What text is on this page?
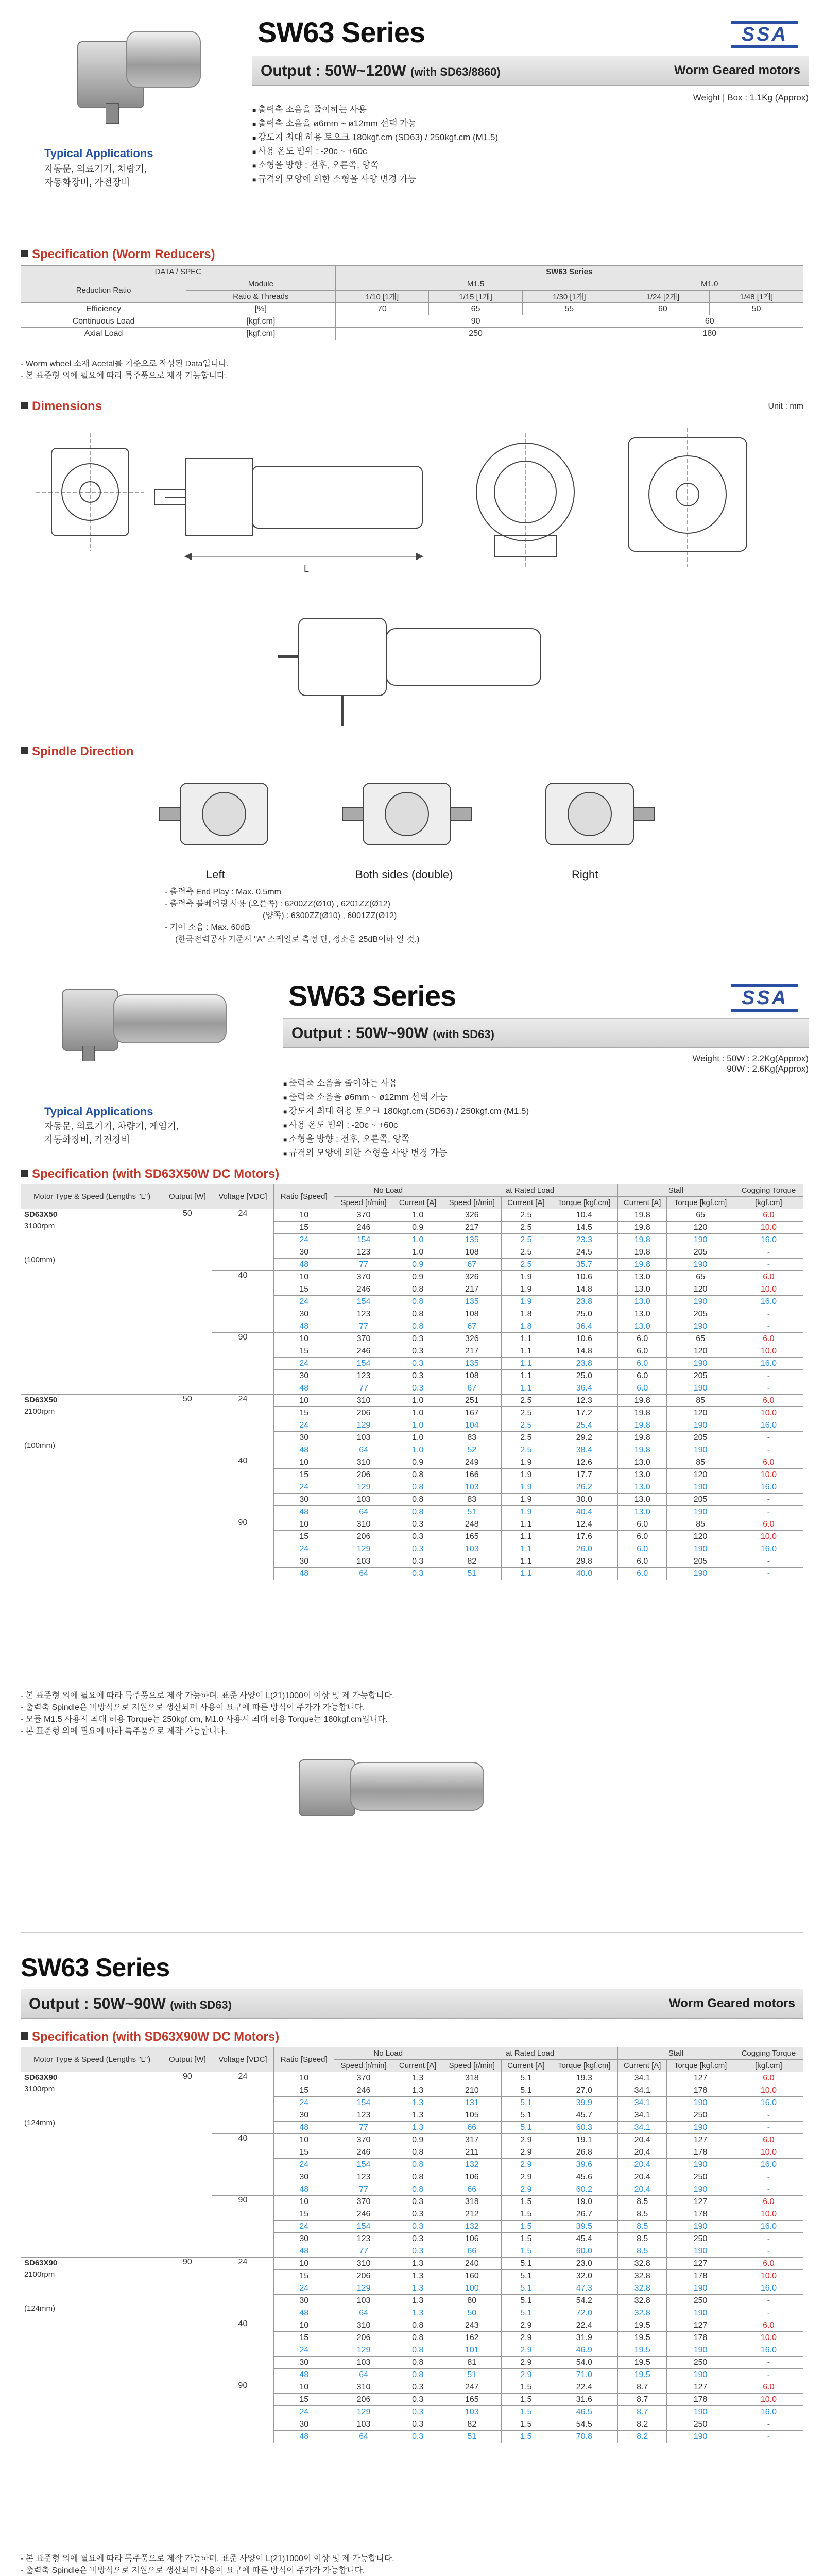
SW63 Series	SSA
Output : 50W~120W (with SD63/8860)	Worm Geared motors
Weight | Box : 1.1Kg (Approx)
Typical Applications
자동문, 의료기기, 차량기,
자동화장비, 가전장비
■ 출력축 소음을 줄이하는 사용
■ 출력축 소음을 ø6mm ~ ø12mm 선택 가능
■ 강도지 최대 허용 토오크 180kgf.cm (SD63) / 250kgf.cm (M1.5)
■ 사용 온도 범위 : -20c ~ +60c
■ 소형을 방향 : 전후, 오른쪽, 양쪽
■ 규격의 모양에 의한 소형을 사양 변경 가능
Specification (Worm Reducers)
DATA / SPEC		SW63 Series				
Reduction Ratio	Module	M1.5			M1.0	
	Ratio & Threads	1/10 [1개]	1/15 [1개]	1/30 [1개]	1/24 [2개]	1/48 [1개]
Efficiency	[%]	70	65	55	60	50
Continuous Load	[kgf.cm]	90			60	
Axial Load	[kgf.cm]	250			180	
- Worm wheel 소재 Acetal를 기준으로 작성된 Data입니다.
- 본 표준형 외에 필요에 따라 특주품으로 제작 가능합니다.
Dimensions	Unit : mm
L
Spindle Direction
Left	Both sides (double)	Right
- 출력축 End Play : Max. 0.5mm
- 출력축 볼베어링 사용 (오른쪽) : 6200ZZ(Ø10) , 6201ZZ(Ø12)
(양쪽) : 6300ZZ(Ø10) , 6001ZZ(Ø12)
- 기어 소음 : Max. 60dB
(한국전력공사 기준시 "A" 스케일로 측정 단, 정소음 25dB이하 일 것.)
SW63 Series	SSA
Output : 50W~90W (with SD63)
Weight : 50W : 2.2Kg(Approx)
90W : 2.6Kg(Approx)
Typical Applications
자동문, 의료기기, 차량기, 게임기,
자동화장비, 가전장비
■ 출력축 소음을 줄이하는 사용
■ 출력축 소음을 ø6mm ~ ø12mm 선택 가능
■ 강도지 최대 허용 토오크 180kgf.cm (SD63) / 250kgf.cm (M1.5)
■ 사용 온도 범위 : -20c ~ +60c
■ 소형을 방향 : 전후, 오른쪽, 양쪽
■ 규격의 모양에 의한 소형을 사양 변경 가능
Specification (with SD63X50W DC Motors)
Motor Type & Speed (Lengths "L")	Output [W]	Voltage [VDC]	Ratio [Speed]	No Load		at Rated Load			Stall		Cogging Torque
				Speed [r/min]	Current [A]	Speed [r/min]	Current [A]	Torque [kgf.cm]	Current [A]	Torque [kgf.cm]	[kgf.cm]
SD63X50
3100rpm

(100mm)	50	24	10	370	1.0	326	2.5	10.4	19.8	65	6.0
			15	246	0.9	217	2.5	14.5	19.8	120	10.0
			24	154	1.0	135	2.5	23.3	19.8	190	16.0
			30	123	1.0	108	2.5	24.5	19.8	205	-
			48	77	0.9	67	2.5	35.7	19.8	190	-
		40	10	370	0.9	326	1.9	10.6	13.0	65	6.0
			15	246	0.8	217	1.9	14.8	13.0	120	10.0
			24	154	0.8	135	1.9	23.8	13.0	190	16.0
			30	123	0.8	108	1.8	25.0	13.0	205	-
			48	77	0.8	67	1.8	36.4	13.0	190	-
		90	10	370	0.3	326	1.1	10.6	6.0	65	6.0
			15	246	0.3	217	1.1	14.8	6.0	120	10.0
			24	154	0.3	135	1.1	23.8	6.0	190	16.0
			30	123	0.3	108	1.1	25.0	6.0	205	-
			48	77	0.3	67	1.1	36.4	6.0	190	-
SD63X50
2100rpm

(100mm)	50	24	10	310	1.0	251	2.5	12.3	19.8	85	6.0
			15	206	1.0	167	2.5	17.2	19.8	120	10.0
			24	129	1.0	104	2.5	25.4	19.8	190	16.0
			30	103	1.0	83	2.5	29.2	19.8	205	-
			48	64	1.0	52	2.5	38.4	19.8	190	-
		40	10	310	0.9	249	1.9	12.6	13.0	85	6.0
			15	206	0.8	166	1.9	17.7	13.0	120	10.0
			24	129	0.8	103	1.9	26.2	13.0	190	16.0
			30	103	0.8	83	1.9	30.0	13.0	205	-
			48	64	0.8	51	1.9	40.4	13.0	190	-
		90	10	310	0.3	248	1.1	12.4	6.0	85	6.0
			15	206	0.3	165	1.1	17.6	6.0	120	10.0
			24	129	0.3	103	1.1	26.0	6.0	190	16.0
			30	103	0.3	82	1.1	29.8	6.0	205	-
			48	64	0.3	51	1.1	40.0	6.0	190	-
- 본 표준형 외에 필요에 따라 특주품으로 제작 가능하며, 표준 사양이 L(21)1000이 이상 및 제 가능합니다.
- 출력축 Spindle은 비방식으로 지원으로 생산되며 사용이 요구에 따른 방식이 주가가 가능합니다.
- 모듈 M1.5 사용시 최대 허용 Torque는 250kgf.cm, M1.0 사용시 최대 허용 Torque는 180kgf.cm입니다.
- 본 표준형 외에 필요에 따라 특주품으로 제작 가능합니다.
SW63 Series
Output : 50W~90W (with SD63)	Worm Geared motors
Specification (with SD63X90W DC Motors)
Motor Type & Speed (Lengths "L")	Output [W]	Voltage [VDC]	Ratio [Speed]	No Load		at Rated Load			Stall		Cogging Torque
				Speed [r/min]	Current [A]	Speed [r/min]	Current [A]	Torque [kgf.cm]	Current [A]	Torque [kgf.cm]	[kgf.cm]
SD63X90
3100rpm

(124mm)	90	24	10	370	1.3	318	5.1	19.3	34.1	127	6.0
			15	246	1.3	210	5.1	27.0	34.1	178	10.0
			24	154	1.3	131	5.1	39.9	34.1	190	16.0
			30	123	1.3	105	5.1	45.7	34.1	250	-
			48	77	1.3	66	5.1	60.3	34.1	190	-
		40	10	370	0.9	317	2.9	19.1	20.4	127	6.0
			15	246	0.8	211	2.9	26.8	20.4	178	10.0
			24	154	0.8	132	2.9	39.6	20.4	190	16.0
			30	123	0.8	106	2.9	45.6	20.4	250	-
			48	77	0.8	66	2.9	60.2	20.4	190	-
		90	10	370	0.3	318	1.5	19.0	8.5	127	6.0
			15	246	0.3	212	1.5	26.7	8.5	178	10.0
			24	154	0.3	132	1.5	39.5	8.5	190	16.0
			30	123	0.3	106	1.5	45.4	8.5	250	-
			48	77	0.3	66	1.5	60.0	8.5	190	-
SD63X90
2100rpm

(124mm)	90	24	10	310	1.3	240	5.1	23.0	32.8	127	6.0
			15	206	1.3	160	5.1	32.0	32.8	178	10.0
			24	129	1.3	100	5.1	47.3	32.8	190	16.0
			30	103	1.3	80	5.1	54.2	32.8	250	-
			48	64	1.3	50	5.1	72.0	32.8	190	-
		40	10	310	0.8	243	2.9	22.4	19.5	127	6.0
			15	206	0.8	162	2.9	31.9	19.5	178	10.0
			24	129	0.8	101	2.9	46.9	19.5	190	16.0
			30	103	0.8	81	2.9	54.0	19.5	250	-
			48	64	0.8	51	2.9	71.0	19.5	190	-
		90	10	310	0.3	247	1.5	22.4	8.7	127	6.0
			15	206	0.3	165	1.5	31.6	8.7	178	10.0
			24	129	0.3	103	1.5	46.5	8.7	190	16.0
			30	103	0.3	82	1.5	54.5	8.2	250	-
			48	64	0.3	51	1.5	70.8	8.2	190	-
- 본 표준형 외에 필요에 따라 특주품으로 제작 가능하며, 표준 사양이 L(21)1000이 이상 및 제 가능합니다.
- 출력축 Spindle은 비방식으로 지원으로 생산되며 사용이 요구에 따른 방식이 주가가 가능합니다.
